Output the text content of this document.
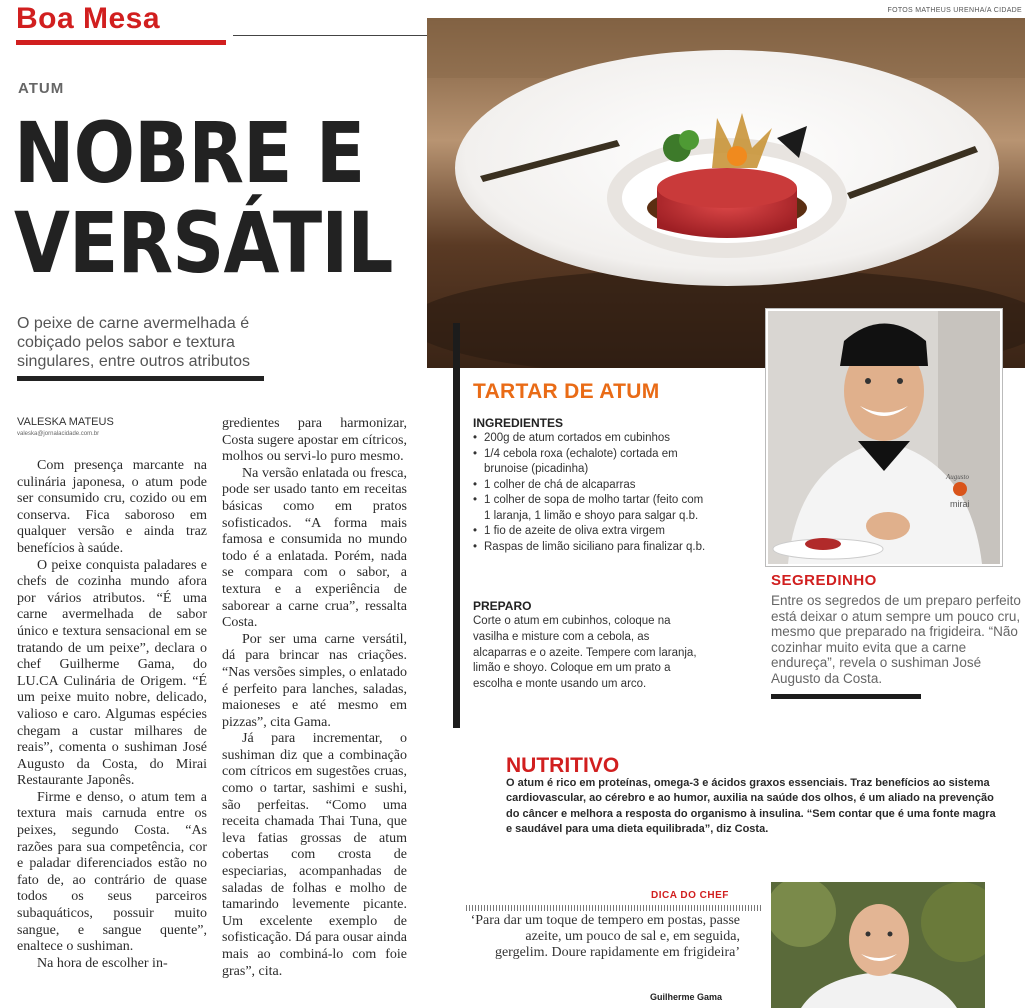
Boa Mesa	FOTOS MATHEUS URENHA/A CIDADE
ATUM
NOBRE E
VERSÁTIL
O peixe de carne avermelhada é cobiçado pelos sabor e textura singulares, entre outros atributos
VALESKA MATEUS
valeska@jornalacidade.com.br

Com presença marcante na culinária japonesa, o atum pode ser consumido cru, cozido ou em conserva. Fica saboroso em qualquer versão e ainda traz benefícios à saúde.

O peixe conquista paladares e chefs de cozinha mundo afora por vários atributos. “É uma carne avermelhada de sabor único e textura sensacional em se tratando de um peixe”, declara o chef Guilherme Gama, do LU.CA Culinária de Origem. “É um peixe muito nobre, delicado, valioso e caro. Algumas espécies chegam a custar milhares de reais”, comenta o sushiman José Augusto da Costa, do Mirai Restaurante Japonês.

Firme e denso, o atum tem a textura mais carnuda entre os peixes, segundo Costa. “As razões para sua competência, cor e paladar diferenciados estão no fato de, ao contrário de quase todos os seus parceiros subaquáticos, possuir muito sangue, e sangue quente”, enaltece o sushiman.

Na hora de escolher in-

gredientes para harmonizar, Costa sugere apostar em cítricos, molhos ou servi-lo puro mesmo.

Na versão enlatada ou fresca, pode ser usado tanto em receitas básicas como em pratos sofisticados. “A forma mais famosa e consumida no mundo todo é a enlatada. Porém, nada se compara com o sabor, a textura e a experiência de saborear a carne crua”, ressalta Costa.

Por ser uma carne versátil, dá para brincar nas criações. “Nas versões simples, o enlatado é perfeito para lanches, saladas, maioneses e até mesmo em pizzas”, cita Gama.

Já para incrementar, o sushiman diz que a combinação com cítricos em sugestões cruas, como o tartar, sashimi e sushi, são perfeitas. “Como uma receita chamada Thai Tuna, que leva fatias grossas de atum cobertas com crosta de especiarias, acompanhadas de saladas de folhas e molho de tamarindo levemente picante. Um excelente exemplo de sofisticação. Dá para ousar ainda mais ao combiná-lo com foie gras”, cita.

TARTAR DE ATUM
INGREDIENTES
• 200g de atum cortados em cubinhos
• 1/4 cebola roxa (echalote) cortada em brunoise (picadinha)
• 1 colher de chá de alcaparras
• 1 colher de sopa de molho tartar (feito com 1 laranja, 1 limão e shoyo para salgar q.b.
• 1 fio de azeite de oliva extra virgem
• Raspas de limão siciliano para finalizar q.b.
PREPARO
Corte o atum em cubinhos, coloque na vasilha e misture com a cebola, as alcaparras e o azeite. Tempere com laranja, limão e shoyo. Coloque em um prato a escolha e monte usando um arco.
mirai
Augusto
SEGREDINHO
Entre os segredos de um preparo perfeito está deixar o atum sempre um pouco cru, mesmo que preparado na frigideira. “Não cozinhar muito evita que a carne endureça”, revela o sushiman José Augusto da Costa.
NUTRITIVO
O atum é rico em proteínas, omega-3 e ácidos graxos essenciais. Traz benefícios ao sistema cardiovascular, ao cérebro e ao humor, auxilia na saúde dos olhos, é um aliado na prevenção do câncer e melhora a resposta do organismo à insulina. “Sem contar que é uma fonte magra e saudável para uma dieta equilibrada”, diz Costa.
DICA DO CHEF
‘Para dar um toque de tempero em postas, passe azeite, um pouco de sal e, em seguida, gergelim. Doure rapidamente em frigideira’
Guilherme Gama
